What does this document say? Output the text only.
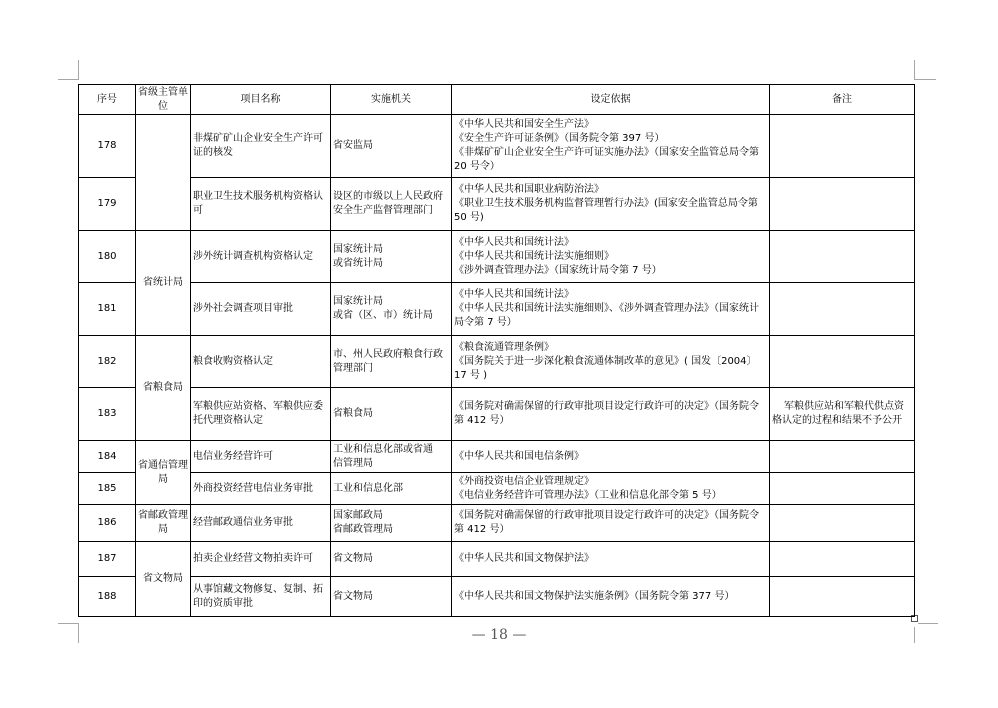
序号	省级主管单位	项目名称	实施机关	设定依据	备注
178		非煤矿矿山企业安全生产许可证的核发	省安监局	《中华人民共和国安全生产法》
《安全生产许可证条例》（国务院令第 397 号）
《非煤矿矿山企业安全生产许可证实施办法》（国家安全监管总局令第 20 号令）	

179		职业卫生技术服务机构资格认可	设区的市级以上人民政府安全生产监督管理部门	《中华人民共和国职业病防治法》
《职业卫生技术服务机构监督管理暂行办法》(国家安全监管总局令第 50 号)	

180	省统计局	涉外统计调查机构资格认定	国家统计局
或省统计局	《中华人民共和国统计法》
《中华人民共和国统计法实施细则》
《涉外调查管理办法》（国家统计局令第 7 号）	

181		涉外社会调查项目审批	国家统计局
或省（区、市）统计局	《中华人民共和国统计法》
《中华人民共和国统计法实施细则》、《涉外调查管理办法》（国家统计局令第 7 号）	

182	省粮食局	粮食收购资格认定	市、州人民政府粮食行政管理部门	《粮食流通管理条例》
《国务院关于进一步深化粮食流通体制改革的意见》( 国发〔2004〕17 号 )	

183		军粮供应站资格、军粮供应委托代理资格认定	省粮食局	《国务院对确需保留的行政审批项目设定行政许可的决定》（国务院令第 412 号）	军粮供应站和军粮代供点资格认定的过程和结果不予公开
184	省通信管理局	电信业务经营许可	工业和信息化部或省通
信管理局	《中华人民共和国电信条例》	

185		外商投资经营电信业务审批	工业和信息化部	《外商投资电信企业管理规定》
《电信业务经营许可管理办法》（工业和信息化部令第 5 号）	

186	省邮政管理局	经营邮政通信业务审批	国家邮政局
省邮政管理局	《国务院对确需保留的行政审批项目设定行政许可的决定》（国务院令第 412 号）	

187	省文物局	拍卖企业经营文物拍卖许可	省文物局	《中华人民共和国文物保护法》	

188		从事馆藏文物修复、复制、拓印的资质审批	省文物局	《中华人民共和国文物保护法实施条例》（国务院令第 377 号）	

— 18 —
